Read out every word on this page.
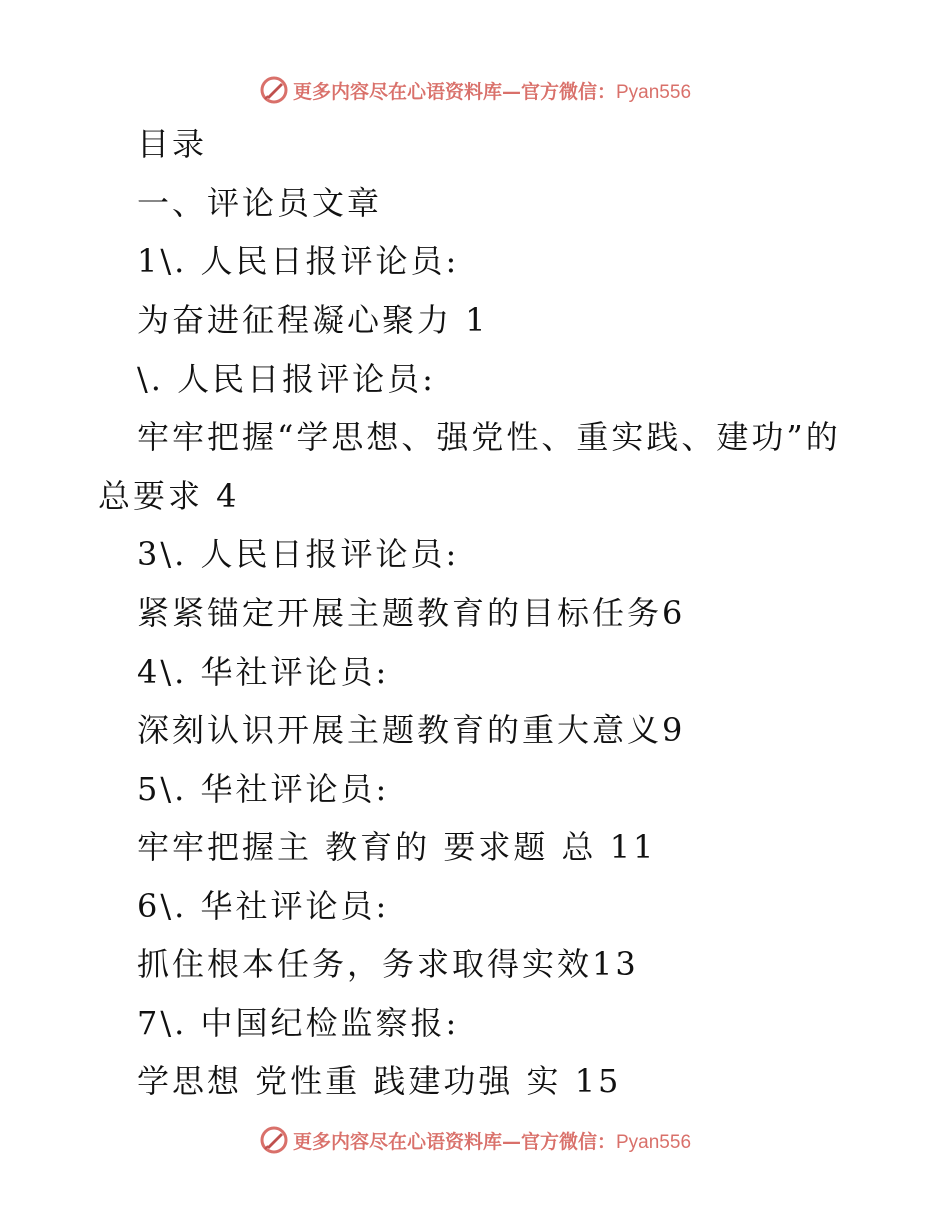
更多内容尽在心语资料库—官方微信：Pyan556
目录
一、评论员文章
1\. 人民日报评论员:
为奋进征程凝心聚力 1
\. 人民日报评论员:
牢牢把握“学思想、强党性、重实践、建功”的
总要求 4
3\. 人民日报评论员:
紧紧锚定开展主题教育的目标任务6
4\. 华社评论员:
深刻认识开展主题教育的重大意义9
5\. 华社评论员:
牢牢把握主 教育的 要求题 总 11
6\. 华社评论员:
抓住根本任务，务求取得实效13
7\. 中国纪检监察报:
学思想 党性重 践建功强 实 15
更多内容尽在心语资料库—官方微信：Pyan556
